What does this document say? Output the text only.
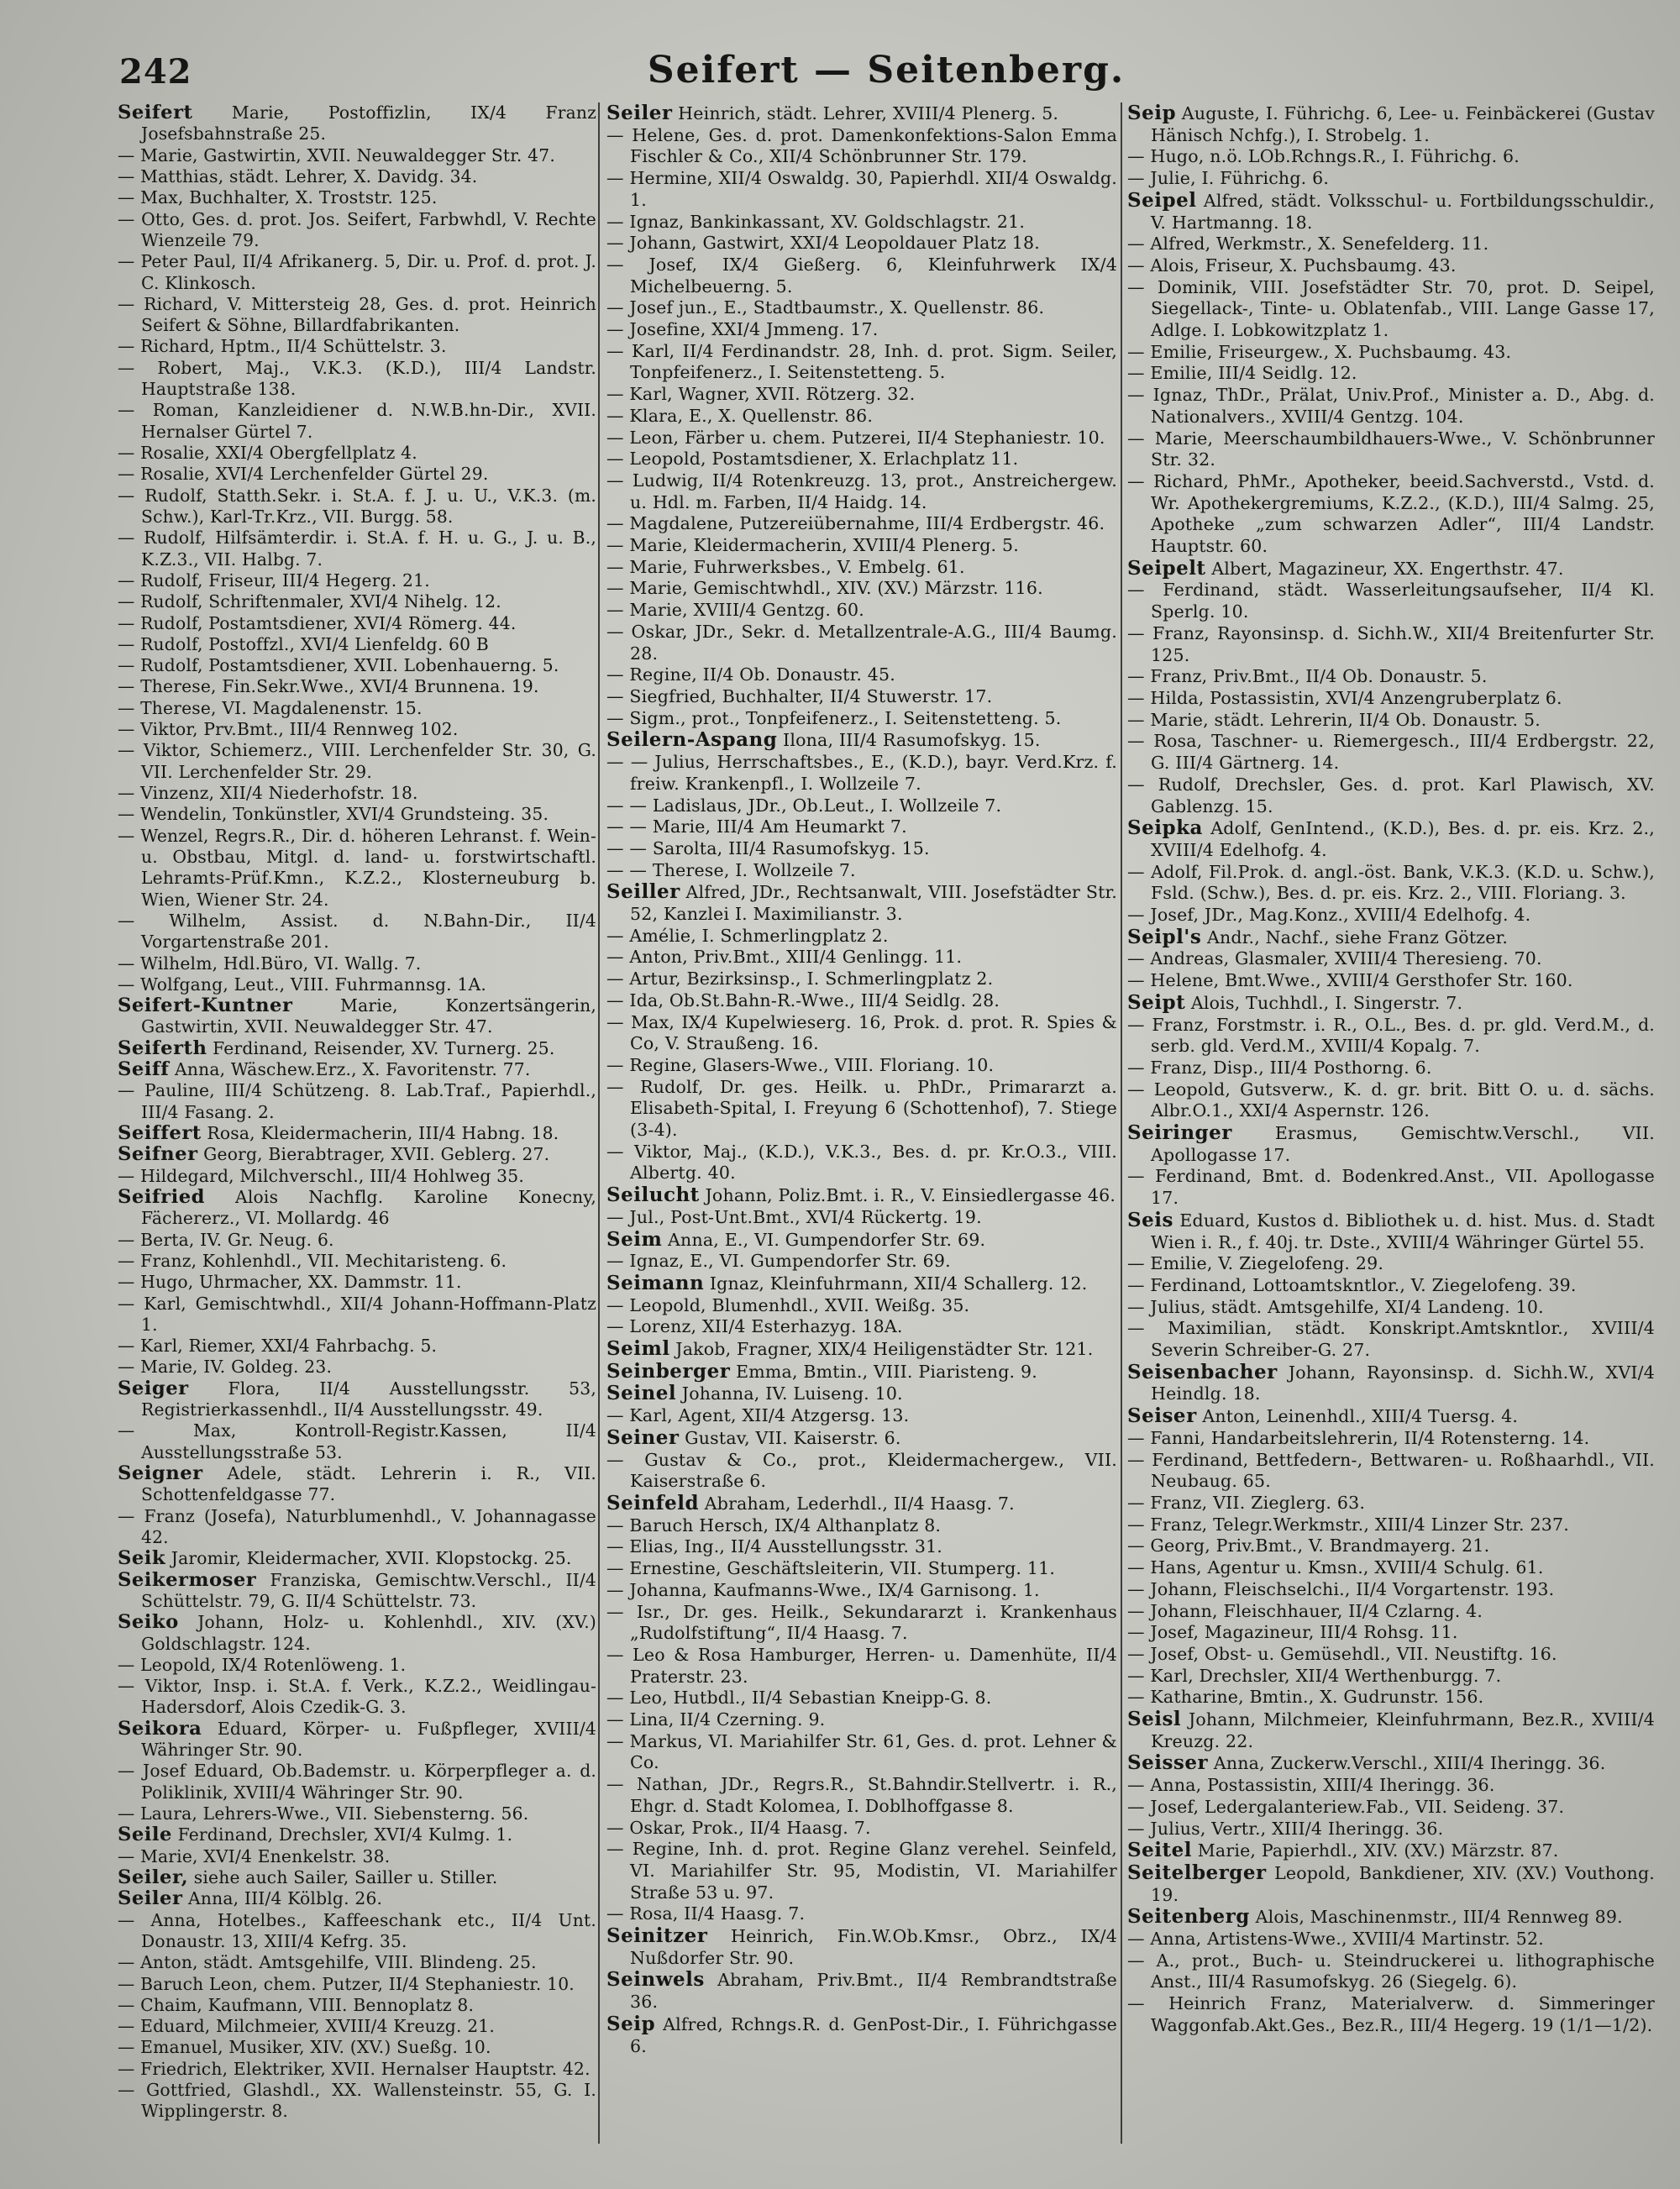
242	Seifert — Seitenberg.

Seifert Marie, Postoffizlin, IX/4 Franz Josefsbahnstraße 25.

— Marie, Gastwirtin, XVII. Neuwaldegger Str. 47.

— Matthias, städt. Lehrer, X. Davidg. 34.

— Max, Buchhalter, X. Troststr. 125.

— Otto, Ges. d. prot. Jos. Seifert, Farbwhdl, V. Rechte Wienzeile 79.

— Peter Paul, II/4 Afrikanerg. 5, Dir. u. Prof. d. prot. J. C. Klinkosch.

— Richard, V. Mittersteig 28, Ges. d. prot. Heinrich Seifert & Söhne, Billardfabrikanten.

— Richard, Hptm., II/4 Schüttelstr. 3.

— Robert, Maj., V.K.3. (K.D.), III/4 Landstr. Hauptstraße 138.

— Roman, Kanzleidiener d. N.W.B.hn-Dir., XVII. Hernalser Gürtel 7.

— Rosalie, XXI/4 Obergfellplatz 4.

— Rosalie, XVI/4 Lerchenfelder Gürtel 29.

— Rudolf, Statth.Sekr. i. St.A. f. J. u. U., V.K.3. (m. Schw.), Karl-Tr.Krz., VII. Burgg. 58.

— Rudolf, Hilfsämterdir. i. St.A. f. H. u. G., J. u. B., K.Z.3., VII. Halbg. 7.

— Rudolf, Friseur, III/4 Hegerg. 21.

— Rudolf, Schriftenmaler, XVI/4 Nihelg. 12.

— Rudolf, Postamtsdiener, XVI/4 Römerg. 44.

— Rudolf, Postoffzl., XVI/4 Lienfeldg. 60 B

— Rudolf, Postamtsdiener, XVII. Lobenhauerng. 5.

— Therese, Fin.Sekr.Wwe., XVI/4 Brunnena. 19.

— Therese, VI. Magdalenenstr. 15.

— Viktor, Prv.Bmt., III/4 Rennweg 102.

— Viktor, Schiemerz., VIII. Lerchenfelder Str. 30, G. VII. Lerchenfelder Str. 29.

— Vinzenz, XII/4 Niederhofstr. 18.

— Wendelin, Tonkünstler, XVI/4 Grundsteing. 35.

— Wenzel, Regrs.R., Dir. d. höheren Lehranst. f. Wein- u. Obstbau, Mitgl. d. land- u. forstwirtschaftl. Lehramts-Prüf.Kmn., K.Z.2., Klosterneuburg b. Wien, Wiener Str. 24.

— Wilhelm, Assist. d. N.Bahn-Dir., II/4 Vorgartenstraße 201.

— Wilhelm, Hdl.Büro, VI. Wallg. 7.

— Wolfgang, Leut., VIII. Fuhrmannsg. 1A.

Seifert-Kuntner Marie, Konzertsängerin, Gastwirtin, XVII. Neuwaldegger Str. 47.

Seiferth Ferdinand, Reisender, XV. Turnerg. 25.

Seiff Anna, Wäschew.Erz., X. Favoritenstr. 77.

— Pauline, III/4 Schützeng. 8. Lab.Traf., Papierhdl., III/4 Fasang. 2.

Seiffert Rosa, Kleidermacherin, III/4 Habng. 18.

Seifner Georg, Bierabtrager, XVII. Geblerg. 27.

— Hildegard, Milchverschl., III/4 Hohlweg 35.

Seifried Alois Nachflg. Karoline Konecny, Fächererz., VI. Mollardg. 46

— Berta, IV. Gr. Neug. 6.

— Franz, Kohlenhdl., VII. Mechitaristeng. 6.

— Hugo, Uhrmacher, XX. Dammstr. 11.

— Karl, Gemischtwhdl., XII/4 Johann-Hoffmann-Platz 1.

— Karl, Riemer, XXI/4 Fahrbachg. 5.

— Marie, IV. Goldeg. 23.

Seiger Flora, II/4 Ausstellungsstr. 53, Registrierkassenhdl., II/4 Ausstellungsstr. 49.

— Max, Kontroll-Registr.Kassen, II/4 Ausstellungsstraße 53.

Seigner Adele, städt. Lehrerin i. R., VII. Schottenfeldgasse 77.

— Franz (Josefa), Naturblumenhdl., V. Johannagasse 42.

Seik Jaromir, Kleidermacher, XVII. Klopstockg. 25.

Seikermoser Franziska, Gemischtw.Verschl., II/4 Schüttelstr. 79, G. II/4 Schüttelstr. 73.

Seiko Johann, Holz- u. Kohlenhdl., XIV. (XV.) Goldschlagstr. 124.

— Leopold, IX/4 Rotenlöweng. 1.

— Viktor, Insp. i. St.A. f. Verk., K.Z.2., Weidlingau-Hadersdorf, Alois Czedik-G. 3.

Seikora Eduard, Körper- u. Fußpfleger, XVIII/4 Währinger Str. 90.

— Josef Eduard, Ob.Bademstr. u. Körperpfleger a. d. Poliklinik, XVIII/4 Währinger Str. 90.

— Laura, Lehrers-Wwe., VII. Siebensterng. 56.

Seile Ferdinand, Drechsler, XVI/4 Kulmg. 1.

— Marie, XVI/4 Enenkelstr. 38.

Seiler, siehe auch Sailer, Sailler u. Stiller.

Seiler Anna, III/4 Kölblg. 26.

— Anna, Hotelbes., Kaffeeschank etc., II/4 Unt. Donaustr. 13, XIII/4 Kefrg. 35.

— Anton, städt. Amtsgehilfe, VIII. Blindeng. 25.

— Baruch Leon, chem. Putzer, II/4 Stephaniestr. 10.

— Chaim, Kaufmann, VIII. Bennoplatz 8.

— Eduard, Milchmeier, XVIII/4 Kreuzg. 21.

— Emanuel, Musiker, XIV. (XV.) Sueßg. 10.

— Friedrich, Elektriker, XVII. Hernalser Hauptstr. 42.

— Gottfried, Glashdl., XX. Wallensteinstr. 55, G. I. Wipplingerstr. 8.

Seiler Heinrich, städt. Lehrer, XVIII/4 Plenerg. 5.

— Helene, Ges. d. prot. Damenkonfektions-Salon Emma Fischler & Co., XII/4 Schönbrunner Str. 179.

— Hermine, XII/4 Oswaldg. 30, Papierhdl. XII/4 Oswaldg. 1.

— Ignaz, Bankinkassant, XV. Goldschlagstr. 21.

— Johann, Gastwirt, XXI/4 Leopoldauer Platz 18.

— Josef, IX/4 Gießerg. 6, Kleinfuhrwerk IX/4 Michelbeuerng. 5.

— Josef jun., E., Stadtbaumstr., X. Quellenstr. 86.

— Josefine, XXI/4 Jmmeng. 17.

— Karl, II/4 Ferdinandstr. 28, Inh. d. prot. Sigm. Seiler, Tonpfeifenerz., I. Seitenstetteng. 5.

— Karl, Wagner, XVII. Rötzerg. 32.

— Klara, E., X. Quellenstr. 86.

— Leon, Färber u. chem. Putzerei, II/4 Stephaniestr. 10.

— Leopold, Postamtsdiener, X. Erlachplatz 11.

— Ludwig, II/4 Rotenkreuzg. 13, prot., Anstreichergew. u. Hdl. m. Farben, II/4 Haidg. 14.

— Magdalene, Putzereiübernahme, III/4 Erdbergstr. 46.

— Marie, Kleidermacherin, XVIII/4 Plenerg. 5.

— Marie, Fuhrwerksbes., V. Embelg. 61.

— Marie, Gemischtwhdl., XIV. (XV.) Märzstr. 116.

— Marie, XVIII/4 Gentzg. 60.

— Oskar, JDr., Sekr. d. Metallzentrale-A.G., III/4 Baumg. 28.

— Regine, II/4 Ob. Donaustr. 45.

— Siegfried, Buchhalter, II/4 Stuwerstr. 17.

— Sigm., prot., Tonpfeifenerz., I. Seitenstetteng. 5.

Seilern-Aspang Ilona, III/4 Rasumofskyg. 15.

— — Julius, Herrschaftsbes., E., (K.D.), bayr. Verd.Krz. f. freiw. Krankenpfl., I. Wollzeile 7.

— — Ladislaus, JDr., Ob.Leut., I. Wollzeile 7.

— — Marie, III/4 Am Heumarkt 7.

— — Sarolta, III/4 Rasumofskyg. 15.

— — Therese, I. Wollzeile 7.

Seiller Alfred, JDr., Rechtsanwalt, VIII. Josefstädter Str. 52, Kanzlei I. Maximilianstr. 3.

— Amélie, I. Schmerlingplatz 2.

— Anton, Priv.Bmt., XIII/4 Genlingg. 11.

— Artur, Bezirksinsp., I. Schmerlingplatz 2.

— Ida, Ob.St.Bahn-R.-Wwe., III/4 Seidlg. 28.

— Max, IX/4 Kupelwieserg. 16, Prok. d. prot. R. Spies & Co, V. Straußeng. 16.

— Regine, Glasers-Wwe., VIII. Floriang. 10.

— Rudolf, Dr. ges. Heilk. u. PhDr., Primararzt a. Elisabeth-Spital, I. Freyung 6 (Schottenhof), 7. Stiege (3-4).

— Viktor, Maj., (K.D.), V.K.3., Bes. d. pr. Kr.O.3., VIII. Albertg. 40.

Seilucht Johann, Poliz.Bmt. i. R., V. Einsiedlergasse 46.

— Jul., Post-Unt.Bmt., XVI/4 Rückertg. 19.

Seim Anna, E., VI. Gumpendorfer Str. 69.

— Ignaz, E., VI. Gumpendorfer Str. 69.

Seimann Ignaz, Kleinfuhrmann, XII/4 Schallerg. 12.

— Leopold, Blumenhdl., XVII. Weißg. 35.

— Lorenz, XII/4 Esterhazyg. 18A.

Seiml Jakob, Fragner, XIX/4 Heiligenstädter Str. 121.

Seinberger Emma, Bmtin., VIII. Piaristeng. 9.

Seinel Johanna, IV. Luiseng. 10.

— Karl, Agent, XII/4 Atzgersg. 13.

Seiner Gustav, VII. Kaiserstr. 6.

— Gustav & Co., prot., Kleidermachergew., VII. Kaiserstraße 6.

Seinfeld Abraham, Lederhdl., II/4 Haasg. 7.

— Baruch Hersch, IX/4 Althanplatz 8.

— Elias, Ing., II/4 Ausstellungsstr. 31.

— Ernestine, Geschäftsleiterin, VII. Stumperg. 11.

— Johanna, Kaufmanns-Wwe., IX/4 Garnisong. 1.

— Isr., Dr. ges. Heilk., Sekundararzt i. Krankenhaus „Rudolfstiftung“, II/4 Haasg. 7.

— Leo & Rosa Hamburger, Herren- u. Damenhüte, II/4 Praterstr. 23.

— Leo, Hutbdl., II/4 Sebastian Kneipp-G. 8.

— Lina, II/4 Czerning. 9.

— Markus, VI. Mariahilfer Str. 61, Ges. d. prot. Lehner & Co.

— Nathan, JDr., Regrs.R., St.Bahndir.Stellvertr. i. R., Ehgr. d. Stadt Kolomea, I. Doblhoffgasse 8.

— Oskar, Prok., II/4 Haasg. 7.

— Regine, Inh. d. prot. Regine Glanz verehel. Seinfeld, VI. Mariahilfer Str. 95, Modistin, VI. Mariahilfer Straße 53 u. 97.

— Rosa, II/4 Haasg. 7.

Seinitzer Heinrich, Fin.W.Ob.Kmsr., Obrz., IX/4 Nußdorfer Str. 90.

Seinwels Abraham, Priv.Bmt., II/4 Rembrandtstraße 36.

Seip Alfred, Rchngs.R. d. GenPost-Dir., I. Führichgasse 6.

Seip Auguste, I. Führichg. 6, Lee- u. Feinbäckerei (Gustav Hänisch Nchfg.), I. Strobelg. 1.

— Hugo, n.ö. LOb.Rchngs.R., I. Führichg. 6.

— Julie, I. Führichg. 6.

Seipel Alfred, städt. Volksschul- u. Fortbildungsschuldir., V. Hartmanng. 18.

— Alfred, Werkmstr., X. Senefelderg. 11.

— Alois, Friseur, X. Puchsbaumg. 43.

— Dominik, VIII. Josefstädter Str. 70, prot. D. Seipel, Siegellack-, Tinte- u. Oblatenfab., VIII. Lange Gasse 17, Adlge. I. Lobkowitzplatz 1.

— Emilie, Friseurgew., X. Puchsbaumg. 43.

— Emilie, III/4 Seidlg. 12.

— Ignaz, ThDr., Prälat, Univ.Prof., Minister a. D., Abg. d. Nationalvers., XVIII/4 Gentzg. 104.

— Marie, Meerschaumbildhauers-Wwe., V. Schönbrunner Str. 32.

— Richard, PhMr., Apotheker, beeid.Sachverstd., Vstd. d. Wr. Apothekergremiums, K.Z.2., (K.D.), III/4 Salmg. 25, Apotheke „zum schwarzen Adler“, III/4 Landstr. Hauptstr. 60.

Seipelt Albert, Magazineur, XX. Engerthstr. 47.

— Ferdinand, städt. Wasserleitungsaufseher, II/4 Kl. Sperlg. 10.

— Franz, Rayonsinsp. d. Sichh.W., XII/4 Breitenfurter Str. 125.

— Franz, Priv.Bmt., II/4 Ob. Donaustr. 5.

— Hilda, Postassistin, XVI/4 Anzengruberplatz 6.

— Marie, städt. Lehrerin, II/4 Ob. Donaustr. 5.

— Rosa, Taschner- u. Riemergesch., III/4 Erdbergstr. 22, G. III/4 Gärtnerg. 14.

— Rudolf, Drechsler, Ges. d. prot. Karl Plawisch, XV. Gablenzg. 15.

Seipka Adolf, GenIntend., (K.D.), Bes. d. pr. eis. Krz. 2., XVIII/4 Edelhofg. 4.

— Adolf, Fil.Prok. d. angl.-öst. Bank, V.K.3. (K.D. u. Schw.), Fsld. (Schw.), Bes. d. pr. eis. Krz. 2., VIII. Floriang. 3.

— Josef, JDr., Mag.Konz., XVIII/4 Edelhofg. 4.

Seipl's Andr., Nachf., siehe Franz Götzer.

— Andreas, Glasmaler, XVIII/4 Theresieng. 70.

— Helene, Bmt.Wwe., XVIII/4 Gersthofer Str. 160.

Seipt Alois, Tuchhdl., I. Singerstr. 7.

— Franz, Forstmstr. i. R., O.L., Bes. d. pr. gld. Verd.M., d. serb. gld. Verd.M., XVIII/4 Kopalg. 7.

— Franz, Disp., III/4 Posthorng. 6.

— Leopold, Gutsverw., K. d. gr. brit. Bitt O. u. d. sächs. Albr.O.1., XXI/4 Aspernstr. 126.

Seiringer Erasmus, Gemischtw.Verschl., VII. Apollogasse 17.

— Ferdinand, Bmt. d. Bodenkred.Anst., VII. Apollogasse 17.

Seis Eduard, Kustos d. Bibliothek u. d. hist. Mus. d. Stadt Wien i. R., f. 40j. tr. Dste., XVIII/4 Währinger Gürtel 55.

— Emilie, V. Ziegelofeng. 29.

— Ferdinand, Lottoamtskntlor., V. Ziegelofeng. 39.

— Julius, städt. Amtsgehilfe, XI/4 Landeng. 10.

— Maximilian, städt. Konskript.Amtskntlor., XVIII/4 Severin Schreiber-G. 27.

Seisenbacher Johann, Rayonsinsp. d. Sichh.W., XVI/4 Heindlg. 18.

Seiser Anton, Leinenhdl., XIII/4 Tuersg. 4.

— Fanni, Handarbeitslehrerin, II/4 Rotensterng. 14.

— Ferdinand, Bettfedern-, Bettwaren- u. Roßhaarhdl., VII. Neubaug. 65.

— Franz, VII. Zieglerg. 63.

— Franz, Telegr.Werkmstr., XIII/4 Linzer Str. 237.

— Georg, Priv.Bmt., V. Brandmayerg. 21.

— Hans, Agentur u. Kmsn., XVIII/4 Schulg. 61.

— Johann, Fleischselchi., II/4 Vorgartenstr. 193.

— Johann, Fleischhauer, II/4 Czlarng. 4.

— Josef, Magazineur, III/4 Rohsg. 11.

— Josef, Obst- u. Gemüsehdl., VII. Neustiftg. 16.

— Karl, Drechsler, XII/4 Werthenburgg. 7.

— Katharine, Bmtin., X. Gudrunstr. 156.

Seisl Johann, Milchmeier, Kleinfuhrmann, Bez.R., XVIII/4 Kreuzg. 22.

Seisser Anna, Zuckerw.Verschl., XIII/4 Iheringg. 36.

— Anna, Postassistin, XIII/4 Iheringg. 36.

— Josef, Ledergalanteriew.Fab., VII. Seideng. 37.

— Julius, Vertr., XIII/4 Iheringg. 36.

Seitel Marie, Papierhdl., XIV. (XV.) Märzstr. 87.

Seitelberger Leopold, Bankdiener, XIV. (XV.) Vouthong. 19.

Seitenberg Alois, Maschinenmstr., III/4 Rennweg 89.

— Anna, Artistens-Wwe., XVIII/4 Martinstr. 52.

— A., prot., Buch- u. Steindruckerei u. lithographische Anst., III/4 Rasumofskyg. 26 (Siegelg. 6).

— Heinrich Franz, Materialverw. d. Simmeringer Waggonfab.Akt.Ges., Bez.R., III/4 Hegerg. 19 (1/1—1/2).
